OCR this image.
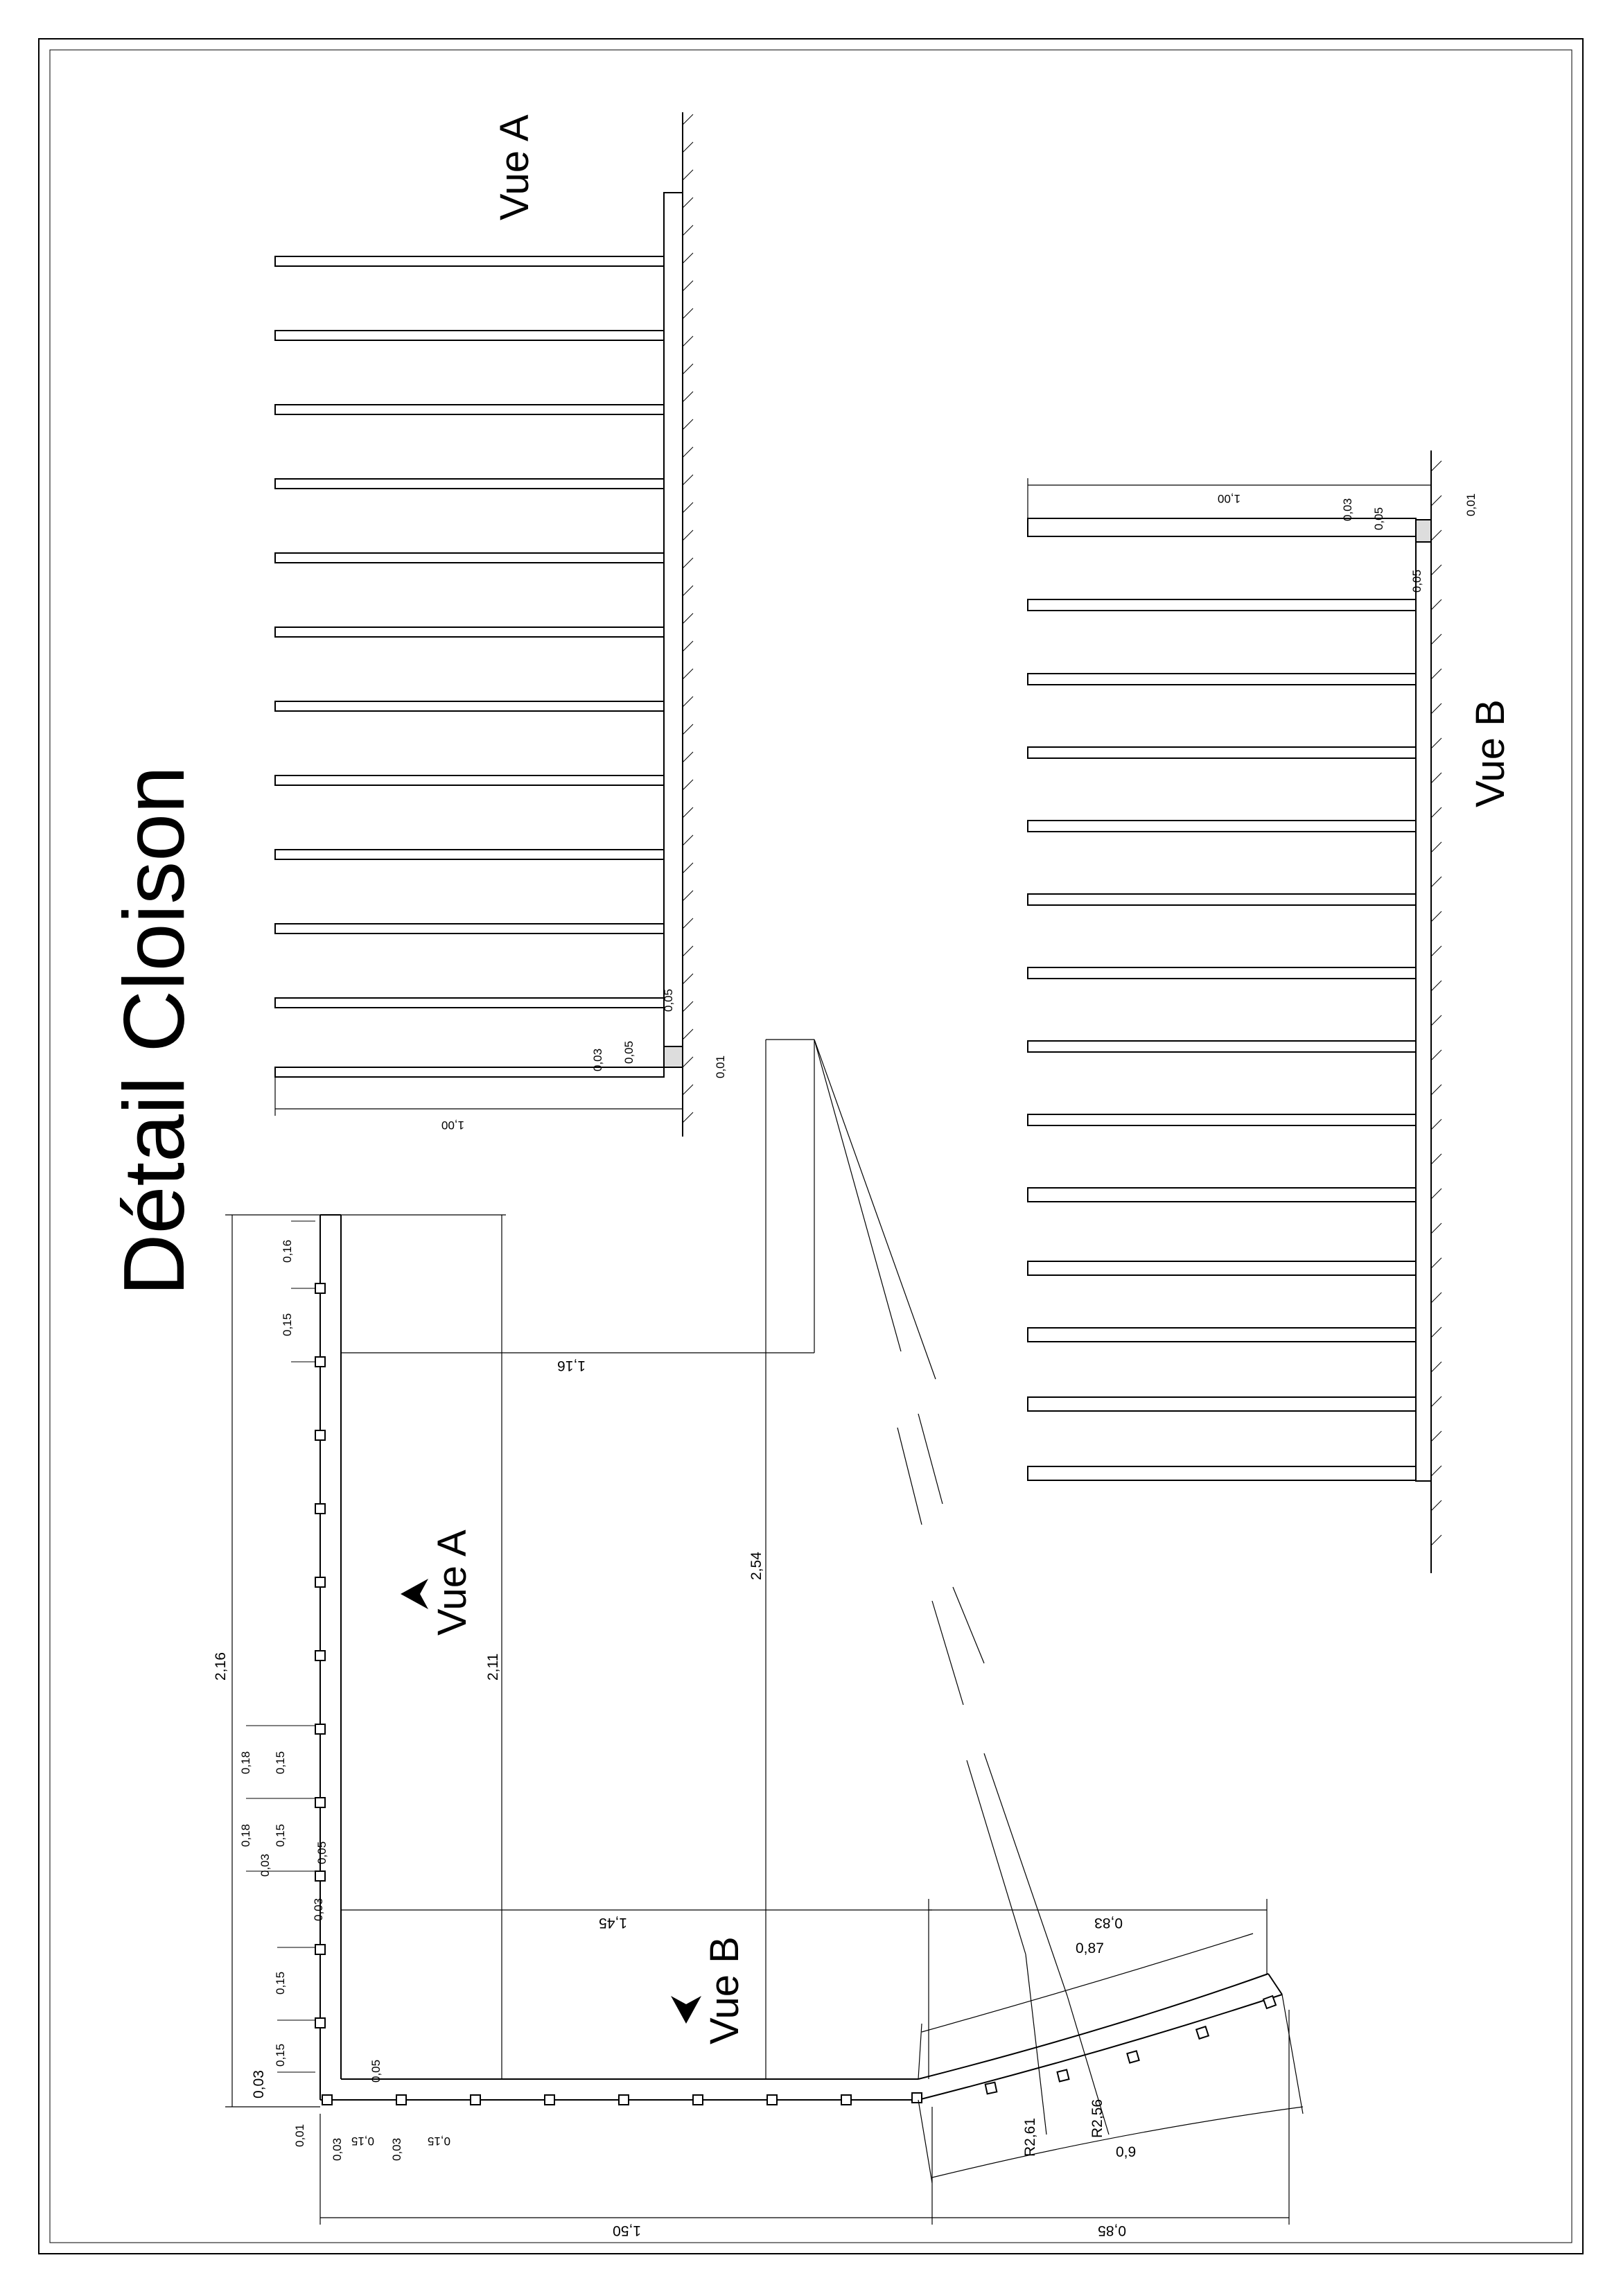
Détail Cloison
Vue A
1,00
0,03 0,05
0,05
0,01
Vue B
1,00	0,03 0,05
0,05
0,01
Vue A
Vue B
2,16	2,11
2,54
1,16
1,45	0,83
1,50	0,85
0,87
0,9
R2,61	R2,56
0,16
0,15
0,18 0,15
0,18 0,15
0,15
0,15
0,03
0,03
0,05
0,03
0,01
0,03	0,03
0,15	0,15
0,05
